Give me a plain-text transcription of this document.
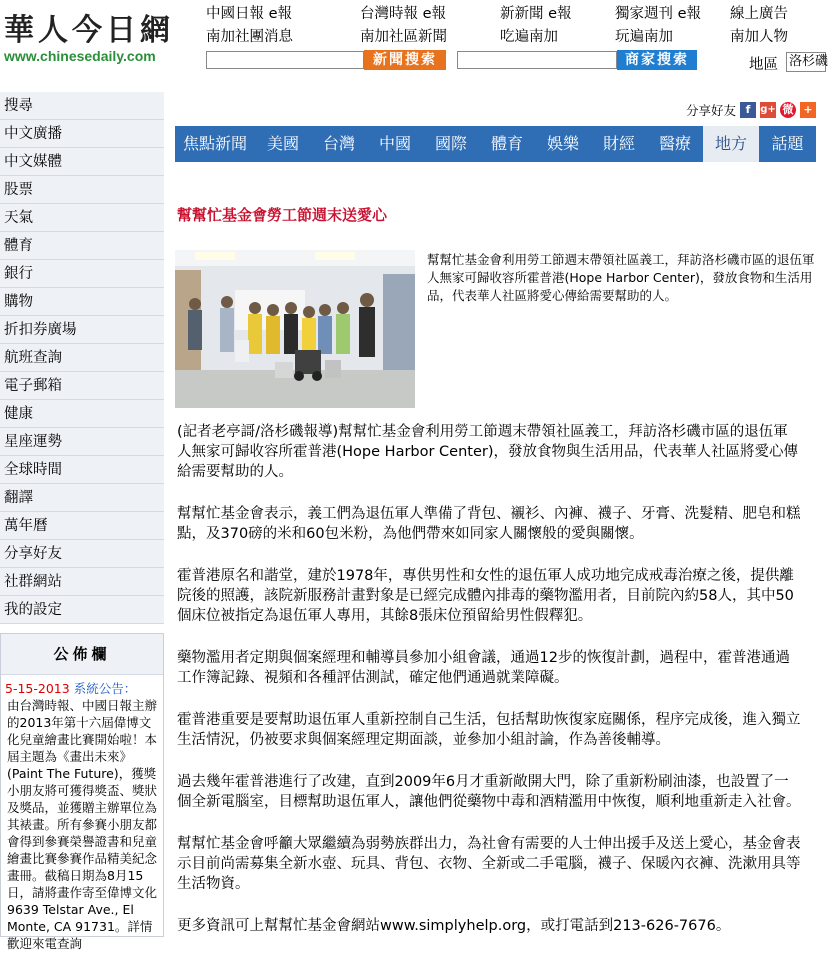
華人今日網
www.chinesedaily.com
中國日報 e報	台灣時報 e報	新新聞 e報	獨家週刊 e報 線上廣告
南加社團消息	南加社區新聞	吃遍南加	玩遍南加	南加人物
新聞搜索	商家搜索	地區 洛杉磯
搜尋
中文廣播
中文媒體
股票
天氣
體育
銀行
購物
折扣券廣場
航班查詢
電子郵箱
健康
星座運勢
全球時間
翻譯
萬年曆
分享好友
社群網站
我的設定
公佈欄
5-15-2013 系統公告：
由台灣時報、中國日報主辦的2013年第十六屆偉博文化兒童繪畫比賽開始啦！本屆主題為《畫出未來》(Paint The Future)，獲獎小朋友將可獲得獎盃、獎狀及獎品，並獲贈主辦單位為其裱畫。所有參賽小朋友都會得到參賽榮譽證書和兒童繪畫比賽參賽作品精美紀念畫冊。截稿日期為8月15日，請將畫作寄至偉博文化9639 Telstar Ave., El Monte, CA 91731。詳情歡迎來電查詢
分享好友 f g+ 微 +
焦點新聞	美國	台灣	中國	國際	體育	娛樂	財經	醫療	地方	話題
幫幫忙基金會勞工節週末送愛心
幫幫忙基金會利用勞工節週末帶領社區義工，拜訪洛杉磯市區的退伍軍人無家可歸收容所霍普港(Hope Harbor Center)，發放食物和生活用品，代表華人社區將愛心傳給需要幫助的人。

(記者老亭謌/洛杉磯報導)幫幫忙基金會利用勞工節週末帶領社區義工，拜訪洛杉磯市區的退伍軍人無家可歸收容所霍普港(Hope Harbor Center)，發放食物與生活用品，代表華人社區將愛心傳給需要幫助的人。

幫幫忙基金會表示，義工們為退伍軍人準備了背包、襯衫、內褲、襪子、牙膏、洗髮精、肥皂和糕點，及370磅的米和60包米粉，為他們帶來如同家人關懷般的愛與關懷。

霍普港原名和諧堂，建於1978年，專供男性和女性的退伍軍人成功地完成戒毒治療之後，提供離院後的照護，該院新服務計畫對象是已經完成體內排毒的藥物濫用者，目前院內約58人，其中50個床位被指定為退伍軍人專用，其餘8張床位預留給男性假釋犯。

藥物濫用者定期與個案經理和輔導員參加小組會議，通過12步的恢復計劃，過程中，霍普港通過工作簿記錄、視頻和各種評估測試，確定他們通過就業障礙。

霍普港重要是要幫助退伍軍人重新控制自己生活，包括幫助恢復家庭關係，程序完成後，進入獨立生活情況，仍被要求與個案經理定期面談，並參加小組討論，作為善後輔導。

過去幾年霍普港進行了改建，直到2009年6月才重新敞開大門，除了重新粉刷油漆，也設置了一個全新電腦室，目標幫助退伍軍人，讓他們從藥物中毒和酒精濫用中恢復，順利地重新走入社會。

幫幫忙基金會呼籲大眾繼續為弱勢族群出力，為社會有需要的人士伸出援手及送上愛心，基金會表示目前尚需募集全新水壺、玩具、背包、衣物、全新或二手電腦，襪子、保暖內衣褲、洗漱用具等生活物資。

更多資訊可上幫幫忙基金會網站www.simplyhelp.org，或打電話到213-626-7676。
